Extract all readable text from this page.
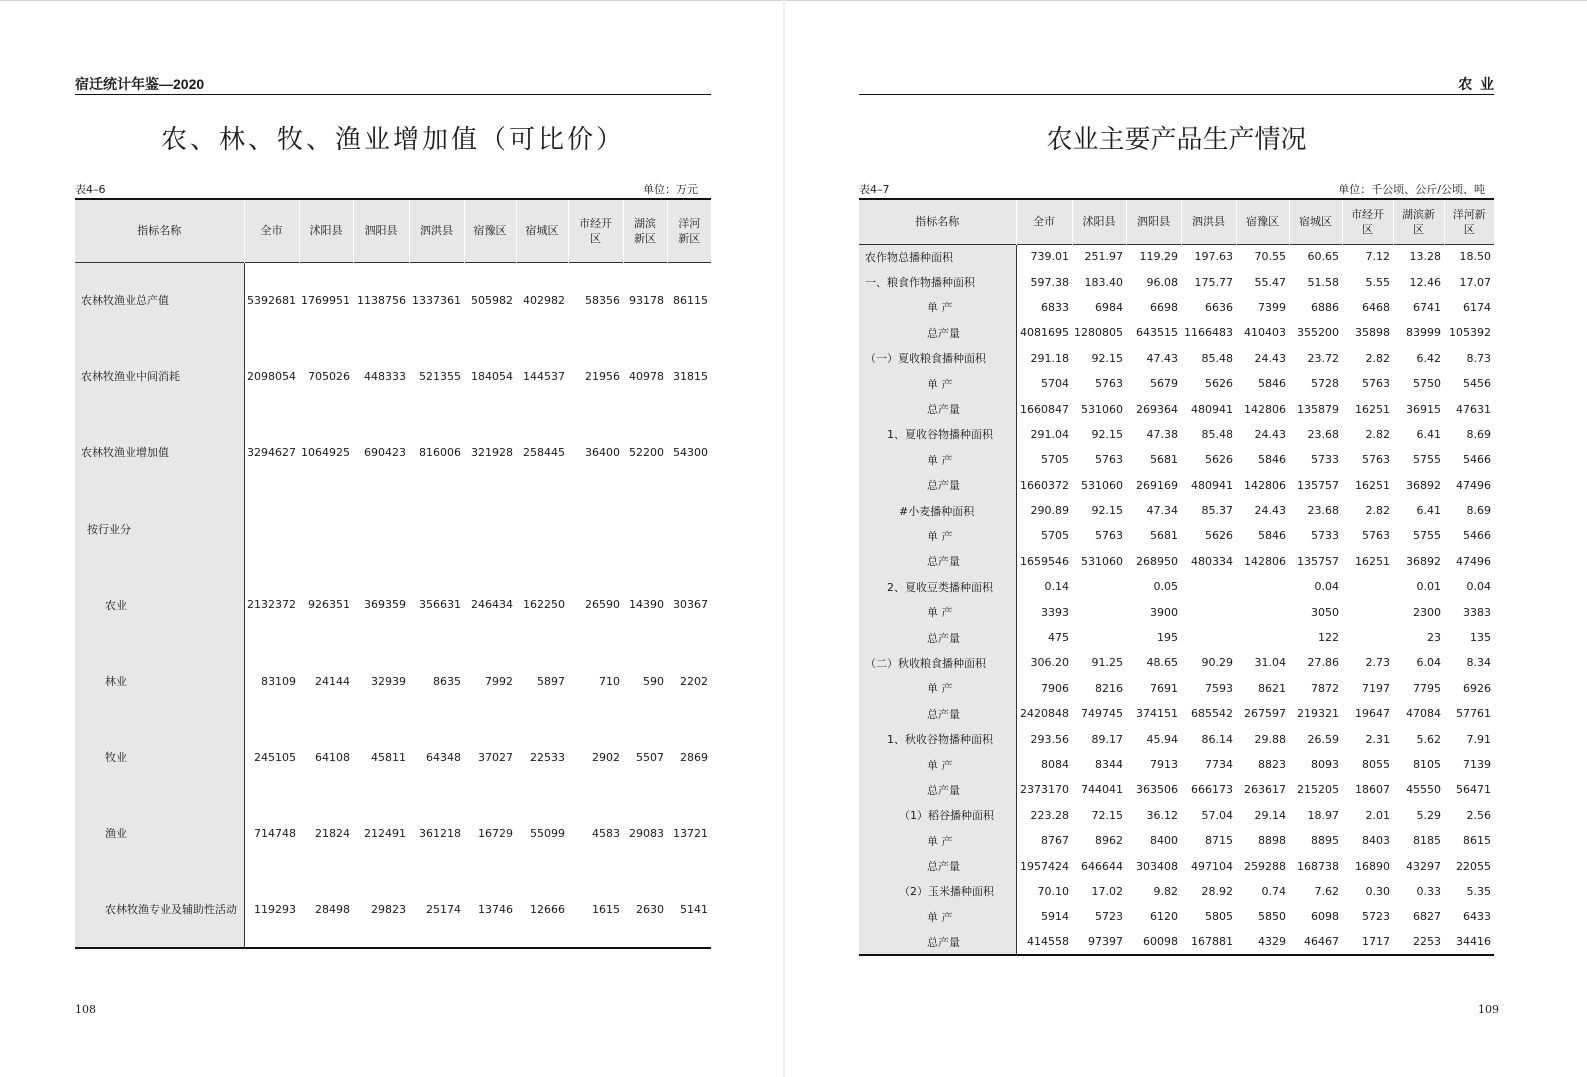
宿迁统计年鉴—2020
农、林、牧、渔业增加值（可比价）
表4–6	单位：万元
指标名称	全市	沭阳县	泗阳县	泗洪县	宿豫区	宿城区	市经开区	湖滨新区	洋河新区
农林牧渔业总产值	5392681	1769951	1138756	1337361	505982	402982	58356	93178	86115
农林牧渔业中间消耗	2098054	705026	448333	521355	184054	144537	21956	40978	31815
农林牧渔业增加值	3294627	1064925	690423	816006	321928	258445	36400	52200	54300
按行业分									
农业	2132372	926351	369359	356631	246434	162250	26590	14390	30367
林业	83109	24144	32939	8635	7992	5897	710	590	2202
牧业	245105	64108	45811	64348	37027	22533	2902	5507	2869
渔业	714748	21824	212491	361218	16729	55099	4583	29083	13721
农林牧渔专业及辅助性活动	119293	28498	29823	25174	13746	12666	1615	2630	5141
108
农  业
农业主要产品生产情况
表4–7	单位：千公顷、公斤/公顷、吨
指标名称	全市	沭阳县	泗阳县	泗洪县	宿豫区	宿城区	市经开区	湖滨新区	洋河新区
农作物总播种面积	739.01	251.97	119.29	197.63	70.55	60.65	7.12	13.28	18.50
一、粮食作物播种面积	597.38	183.40	96.08	175.77	55.47	51.58	5.55	12.46	17.07
单 产	6833	6984	6698	6636	7399	6886	6468	6741	6174
总产量	4081695	1280805	643515	1166483	410403	355200	35898	83999	105392
（一）夏收粮食播种面积	291.18	92.15	47.43	85.48	24.43	23.72	2.82	6.42	8.73
单 产	5704	5763	5679	5626	5846	5728	5763	5750	5456
总产量	1660847	531060	269364	480941	142806	135879	16251	36915	47631
1、夏收谷物播种面积	291.04	92.15	47.38	85.48	24.43	23.68	2.82	6.41	8.69
单 产	5705	5763	5681	5626	5846	5733	5763	5755	5466
总产量	1660372	531060	269169	480941	142806	135757	16251	36892	47496
#小麦播种面积	290.89	92.15	47.34	85.37	24.43	23.68	2.82	6.41	8.69
单 产	5705	5763	5681	5626	5846	5733	5763	5755	5466
总产量	1659546	531060	268950	480334	142806	135757	16251	36892	47496
2、夏收豆类播种面积	0.14		0.05			0.04		0.01	0.04
单 产	3393		3900			3050		2300	3383
总产量	475		195			122		23	135
（二）秋收粮食播种面积	306.20	91.25	48.65	90.29	31.04	27.86	2.73	6.04	8.34
单 产	7906	8216	7691	7593	8621	7872	7197	7795	6926
总产量	2420848	749745	374151	685542	267597	219321	19647	47084	57761
1、秋收谷物播种面积	293.56	89.17	45.94	86.14	29.88	26.59	2.31	5.62	7.91
单 产	8084	8344	7913	7734	8823	8093	8055	8105	7139
总产量	2373170	744041	363506	666173	263617	215205	18607	45550	56471
（1）稻谷播种面积	223.28	72.15	36.12	57.04	29.14	18.97	2.01	5.29	2.56
单 产	8767	8962	8400	8715	8898	8895	8403	8185	8615
总产量	1957424	646644	303408	497104	259288	168738	16890	43297	22055
（2）玉米播种面积	70.10	17.02	9.82	28.92	0.74	7.62	0.30	0.33	5.35
单 产	5914	5723	6120	5805	5850	6098	5723	6827	6433
总产量	414558	97397	60098	167881	4329	46467	1717	2253	34416
109
